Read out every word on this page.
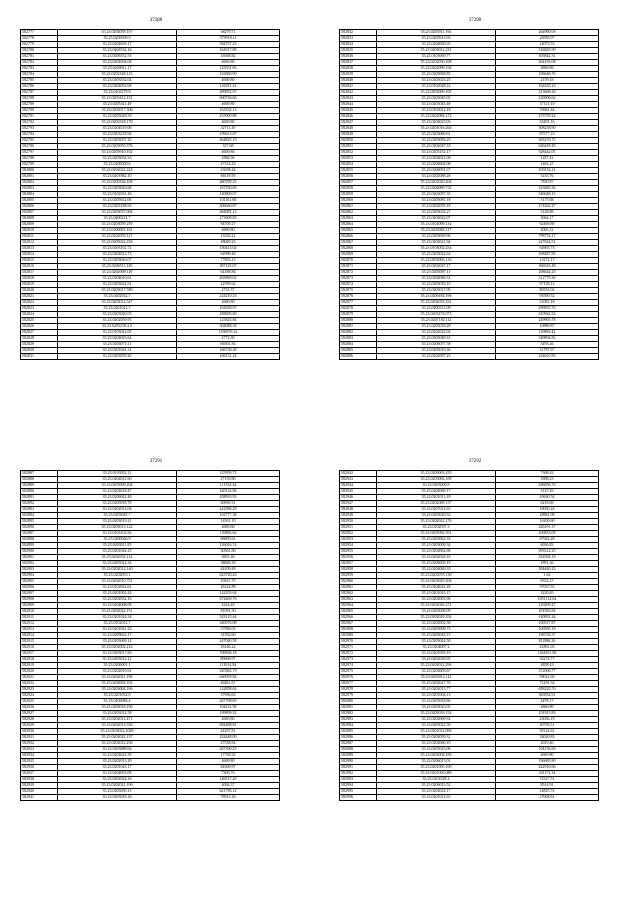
37288
582777	35.23.0204059.107	38279.71
582778	35.23.0206509.5	379919.11
582779	35.23.0204659.17	584757.23
582780	35.23.0204532.16	164917.89
582781	35.23.0206352.53	33948.82
582782	35.23.0204504.06	4669.80
582783	35.23.0200011.17	125551.83
582784	35.23.0202328.125	162860.90
582785	35.23.0203532.04	4669.80
582786	35.23.0204052.06	142911.32
582787	35.23.0103279.9	289952.97
582788	35.23.0203412.151	600736.66
582789	35.23.0205411.49	4669.80
582790	35.23.0203017.306	163332.13
582791	35.23.0205028.59	253900.88
582792	35.23.0203318.170	4669.80
582793	35.23.0204519.06	32711.29
582794	35.23.0203218.94	199613.67
582795	35.23.0203057.25	464825.15
582796	35.23.0203059.376	327.68
582797	35.23.0205910.102	4669.80
582798	35.23.0203034.53	1884.56
582799	35.23.0206500.6	47514.23
582800	35.23.0202022.224	23658.44
582801	35.23.0201882.10	66119.59
582802	35.23.0200334.108	480799.25
582803	35.23.0203043.68	167530.09
582804	35.23.0102031.46	140809.07
582805	35.23.0205022.06	101161.60
582806	35.23.0203188.93	306640.87
582807	35.23.0203037.064	484081.13
582808	35.23.0200221.7	273609.83
582809	35.23.0203059.259	94709.27
582810	35.23.0200001.161	4669.80
582811	35.23.0202059.127	13356.21
582812	35.23.0205022.236	28049.23
582813	35.23.0203102.72	150413.02
582814	35.23.0204012.73	64998.48
582815	35.23.0203016.07	77803.15
582816	35.23.0206511.120	387125.07
582817	35.23.0202009.110	64188.84
582818	35.23.0204010.61	405869.02
582819	35.23.0203022.91	12599.62
582820	35.23.0203017.589	2731.37
582821	35.23.0202922.7	224210.23
582822	35.23.0203012.547	4669.80
582823	35.23.0201012.7	162658.97
582824	35.23.0203020.03	288695.69
582825	35.23.0202059.95	125825.84
582826	35.23.0205218.4.5	304088.54
582827	35.23.0103012.05	1156970.22
582828	35.23.0204023.62	2772.39
582829	35.23.0204074.11	66301.84
582830	35.23.0201041.31	166736.28
582831	35.23.0203059.20	166131.24
37290
582832	35.23.0203911.192	264990.09
582833	35.23.0203913.03	28585.07
582834	35.23.0204060.05	14073.53
582835	35.23.0203012.231	146829.59
582836	35.23.0103069.77	305842.31
582837	35.23.0202050.108	204193.08
582838	35.23.0202090.194	3866.86
582839	35.23.0205068.85	196646.76
582840	35.23.0203023.25	2159.43
582841	35.23.0102028.22	164435.23
582842	35.23.0203009.105	313608.26
582843	35.23.0203045.05	226900.62
582844	35.23.0203045.48	37121.19
582845	35.23.0103012.18	70681.44
582846	35.23.0202084.172	275759.24
582847	35.23.0204023.03	33491.16
582848	35.23.0201016.264	308258.90
582849	35.23.0203060.61	87577.23
582850	35.23.0203093.25	305276.75
582851	35.23.0202047.33	626418.49
582852	35.23.0203152.17	528442.05
582853	35.23.0204021.08	1187.43
582854	35.23.0206604.08	1461.27
582855	35.23.0206091.67	100132.21
582856	35.23.0202088.28	5235.76
582857	35.23.0202020.204	7830.87
582858	35.23.0206069.752	323685.36
582859	35.23.0203097.35	346048.15
582860	35.23.0205081.18	5175.68
582861	35.23.0202059.18	274262.27
582862	35.23.0203034.27	5128.88
582863	35.23.0204022.07	3064.17
582864	35.23.0102009.132	62469.89
582865	35.23.0203082.117	2005.31
582866	35.23.0203069.96	798754.17
582867	35.23.0204021.94	227624.51
582868	35.23.0103002.254	64903.73
582869	35.23.0203024.62	498487.83
582870	35.23.0203003.133	13272.17
582871	35.23.0202047.17	366545.49
582872	35.23.0203087.11	208644.25
582873	35.23.0204069.51	312779.30
582874	35.23.0203018.10	97138.12
582875	35.23.0203017.09	80354.02
582876	35.23.0206184.196	93590.52
582877	35.23.0202033.331	51081.18
582878	35.23.0200313.09	299835.79
582879	35.23.0203474.073	610942.54
582880	35.23.0207182.112	249905.78
582881	35.23.0205018.28	10880.87
582882	35.23.0202022.02	110893.42
582883	35.23.0203049.31	349894.82
582884	35.23.0206057.58	5493.26
582885	35.23.0205019.36	31787.67
582886	35.23.0202007.23	224610.85
37291
582887	35.23.0103052.11	125959.73
582888	35.23.0204012.60	27159.80
582889	35.23.0205009.204	111534.44
582890	35.23.0204018.47	420122.86
582891	35.23.0206042.40	458919.93
582892	35.23.0205018.78	60939.31
582893	35.23.0202014.04	242396.29
582894	35.23.0203045.7	102777.38
582895	35.23.0203019.21	14561.10
582896	35.23.0203013.122	4669.80
582897	35.23.0103102.82	139882.62
582898	35.23.0200046.9	96805.61
582899	35.23.0203011.85	126016.74
582900	35.23.0201044.25	30561.86
582901	35.23.0202032.114	4901.46
582902	35.23.0205014.32	38848.30
582903	35.23.0202012.140	44109.49
582904	35.23.0202053.1	623720.43
582905	35.23.0202010.751	10415.70
582906	35.23.0102022.61	26124.88
582907	35.23.0201002.42	142103.64
582908	35.23.0202032.16	674469.76
582909	35.23.0204008.08	4224.43
582910	35.23.0202042.151	81091.50
582911	35.23.0201024.34	543125.44
582912	35.23.0102012.7	340076.08
582913	35.23.0201021.23	37996.03
582914	35.23.0209022.17	31592.60
582915	35.23.0203069.14	247040.58
582916	35.23.0202002.212	18146.22
582917	35.23.0203017.60	700636.18
582918	35.23.0203012.12	89608.97
582919	35.23.0206001.1	111014.84
582920	35.23.0202019.61	320363.79
582921	35.23.0202021.196	640059.84
582922	35.23.0204004.102	49261.67
582923	35.23.0203004.106	122858.64
582924	35.23.0201032.9	37936.63
582925	35.23.0206084.4	267708.69
582926	35.23.0203018.106	104232.58
582927	35.23.0203012.58	199899.32
582928	35.23.0202012.471	4669.80
582929	35.23.0202013.330	684488.81
582930	35.23.0103022.1028	24297.81
582931	35.23.0202022.137	224448.09
582932	35.23.0202012.236	27538.84
582933	35.23.0203089.64	267300.23
582934	35.23.0204022.59	17758.52
582935	35.23.0202013.29	4669.80
582936	35.23.0201043.17	84309.97
582937	35.23.0204053.08	7306.76
582938	35.23.0202024.16	146517.29
582939	35.23.0202021.106	4004.37
582940	35.23.0203039.13	621786.14
582941	35.23.0203018.26	78912.26
37292
582942	35.23.0209003.435	7368.42
582943	35.23.0203002.109	3908.23
582944	35.23.0203009.8	296056.76
582945	35.23.0204069.17	3147.29
582946	35.23.0201013.18	10630.54
582947	35.23.0202069.157	6216.69
582948	35.23.0207012.63	19050.24
582949	35.23.0203020.52	29881.09
582950	35.23.0202022.176	16200.60
582951	35.23.0102037.3	226191.37
582952	35.23.0205082.391	200833.09
582953	35.23.0203062.33	67942.48
582954	35.23.0203009.34	6036.83
582955	35.23.0204062.68	993312.25
582956	35.23.0202024.16	524504.18
582957	35.23.0206005.19	1891.36
582958	35.23.0204069.33	304440.23
582959	35.23.0203078.130	1.62
582960	35.23.0203025.204	8332.27
582961	35.23.0104022.28	37037.55
582962	35.23.0201043.15	3220.65
582963	35.23.0202003.96	1051114.64
582964	35.23.0202026.271	220209.47
582965	35.23.0203009.09	291983.82
582966	35.23.0202029.354	140932.44
582967	35.23.0202002.58	100517.87
582968	35.23.0203009.73	100505.19
582969	35.23.0205043.15	196736.37
582970	35.23.0205044.50	811886.26
582971	35.23.0204007.2	41801.03
582972	35.23.0201059.19	1164351.06
582973	35.23.0202039.95	33274.77
582974	35.23.0202012.294	4858.43
582975	35.23.0204003.67	372006.77
582976	35.23.0203012.112	59022.60
582977	35.23.0202027.76	72191.34
582978	35.23.0202013.77	658220.76
582979	35.23.0201004.13	365834.91
582980	35.23.0205018.86	4478.17
582981	35.23.0203023.05	4866.89
582982	35.23.0205018.154	101915.83
582983	35.23.0202009.92	23036.19
582984	35.23.0203022.30	30750.51
582985	35.23.0201012.084	39122.61
582986	35.23.0202059.32	34020.83
582987	35.23.0204060.10	4019.40
582988	35.23.0205023.06	104156.69
582989	35.23.0203002.183	4669.80
582990	35.23.0206013.01	196685.80
582991	35.23.0201005.109	422910.66
582992	35.23.0201006.080	341172.34
582993	35.23.0201028.4	74327.51
582994	35.23.0206015.52	8514.91
582995	35.23.0202024.17	14825.74
582996	35.23.0201012.63	27008.61
